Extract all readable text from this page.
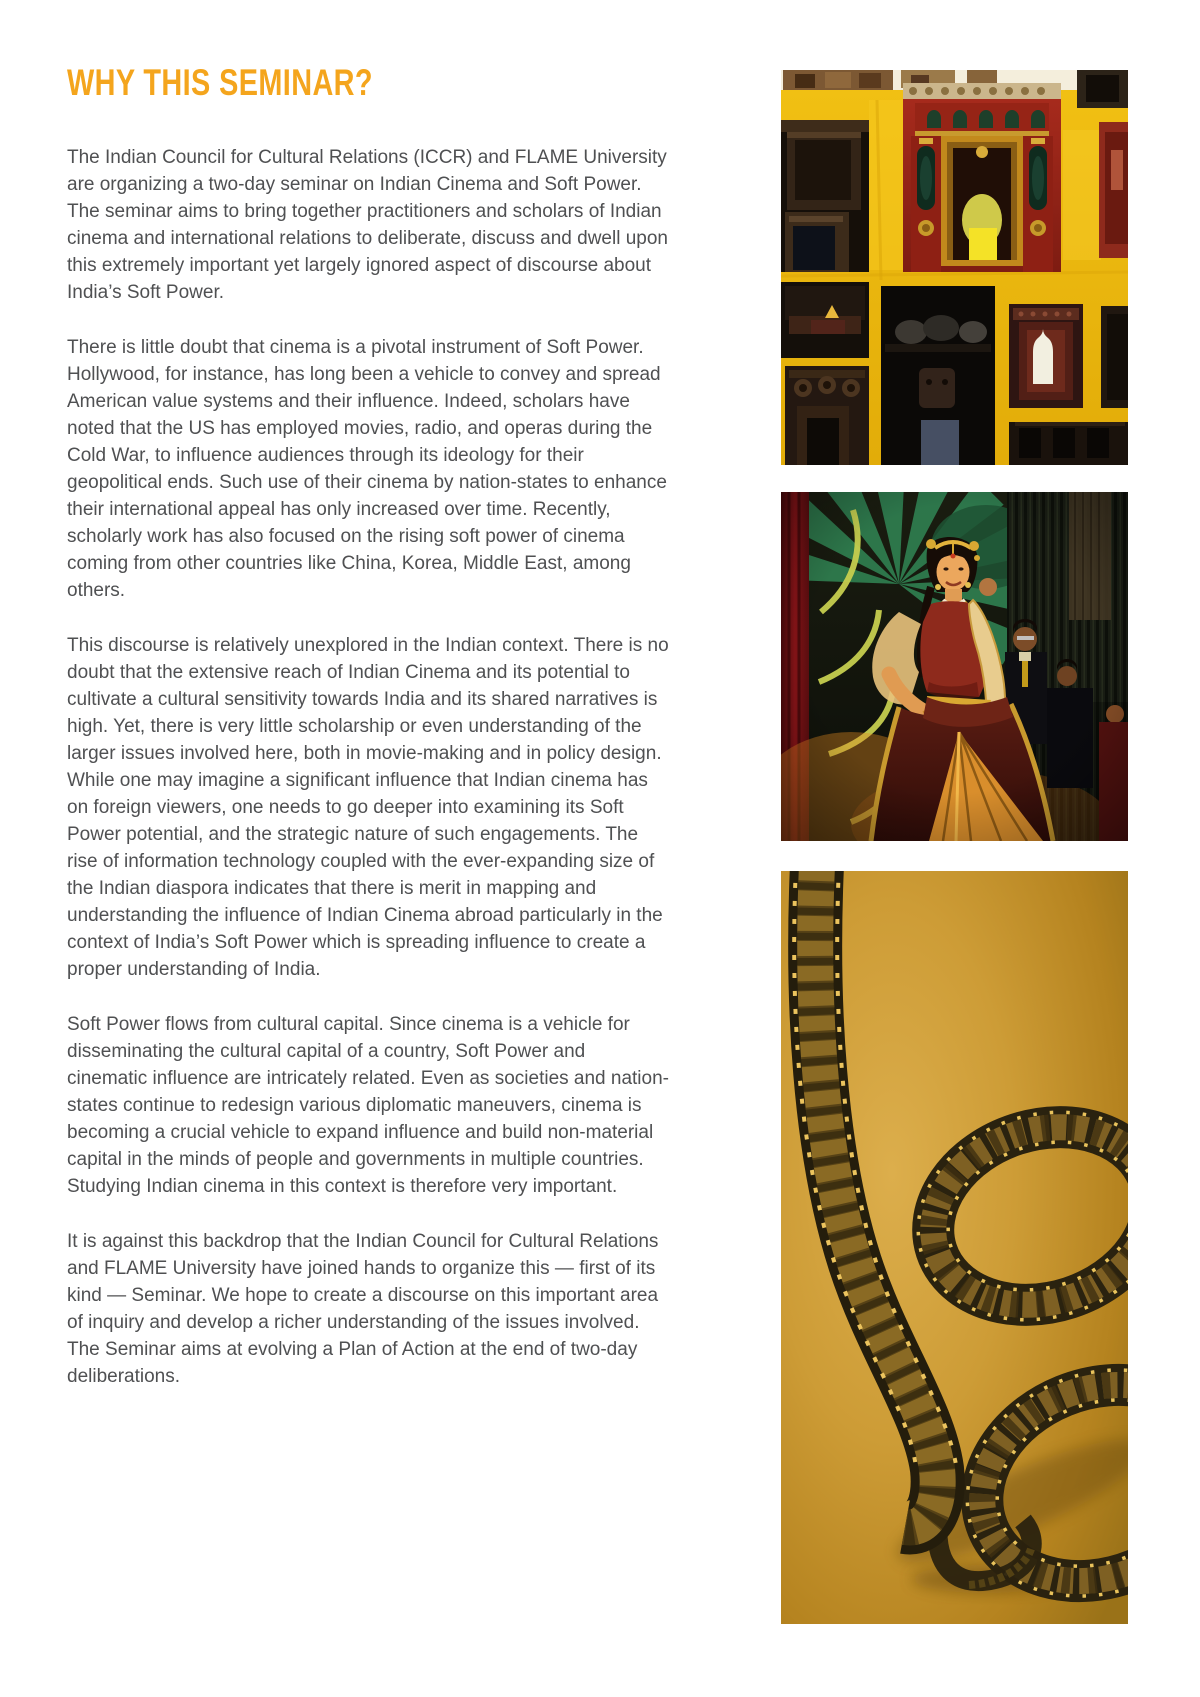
WHY THIS SEMINAR?

The Indian Council for Cultural Relations (ICCR) and FLAME University are organizing a two-day seminar on Indian Cinema and Soft Power. The seminar aims to bring together practitioners and scholars of Indian cinema and international relations to deliberate, discuss and dwell upon this extremely important yet largely ignored aspect of discourse about India’s Soft Power.

There is little doubt that cinema is a pivotal instrument of Soft Power. Hollywood, for instance, has long been a vehicle to convey and spread American value systems and their influence. Indeed, scholars have noted that the US has employed movies, radio, and operas during the Cold War, to influence audiences through its ideology for their geopolitical ends. Such use of their cinema by nation-states to enhance their international appeal has only increased over time. Recently, scholarly work has also focused on the rising soft power of cinema coming from other countries like China, Korea, Middle East, among others.

This discourse is relatively unexplored in the Indian context. There is no doubt that the extensive reach of Indian Cinema and its potential to cultivate a cultural sensitivity towards India and its shared narratives is high. Yet, there is very little scholarship or even understanding of the larger issues involved here, both in movie-making and in policy design. While one may imagine a significant influence that Indian cinema has on foreign viewers, one needs to go deeper into examining its Soft Power potential, and the strategic nature of such engagements. The rise of information technology coupled with the ever-expanding size of the Indian diaspora indicates that there is merit in mapping and understanding the influence of Indian Cinema abroad particularly in the context of India’s Soft Power which is spreading influence to create a proper understanding of India.

Soft Power flows from cultural capital. Since cinema is a vehicle for disseminating the cultural capital of a country, Soft Power and cinematic influence are intricately related. Even as societies and nation-states continue to redesign various diplomatic maneuvers, cinema is becoming a crucial vehicle to expand influence and build non-material capital in the minds of people and governments in multiple countries. Studying Indian cinema in this context is therefore very important.

It is against this backdrop that the Indian Council for Cultural Relations and FLAME University have joined hands to organize this — first of its kind — Seminar. We hope to create a discourse on this important area of inquiry and develop a richer understanding of the issues involved. The Seminar aims at evolving a Plan of Action at the end of two-day deliberations.
